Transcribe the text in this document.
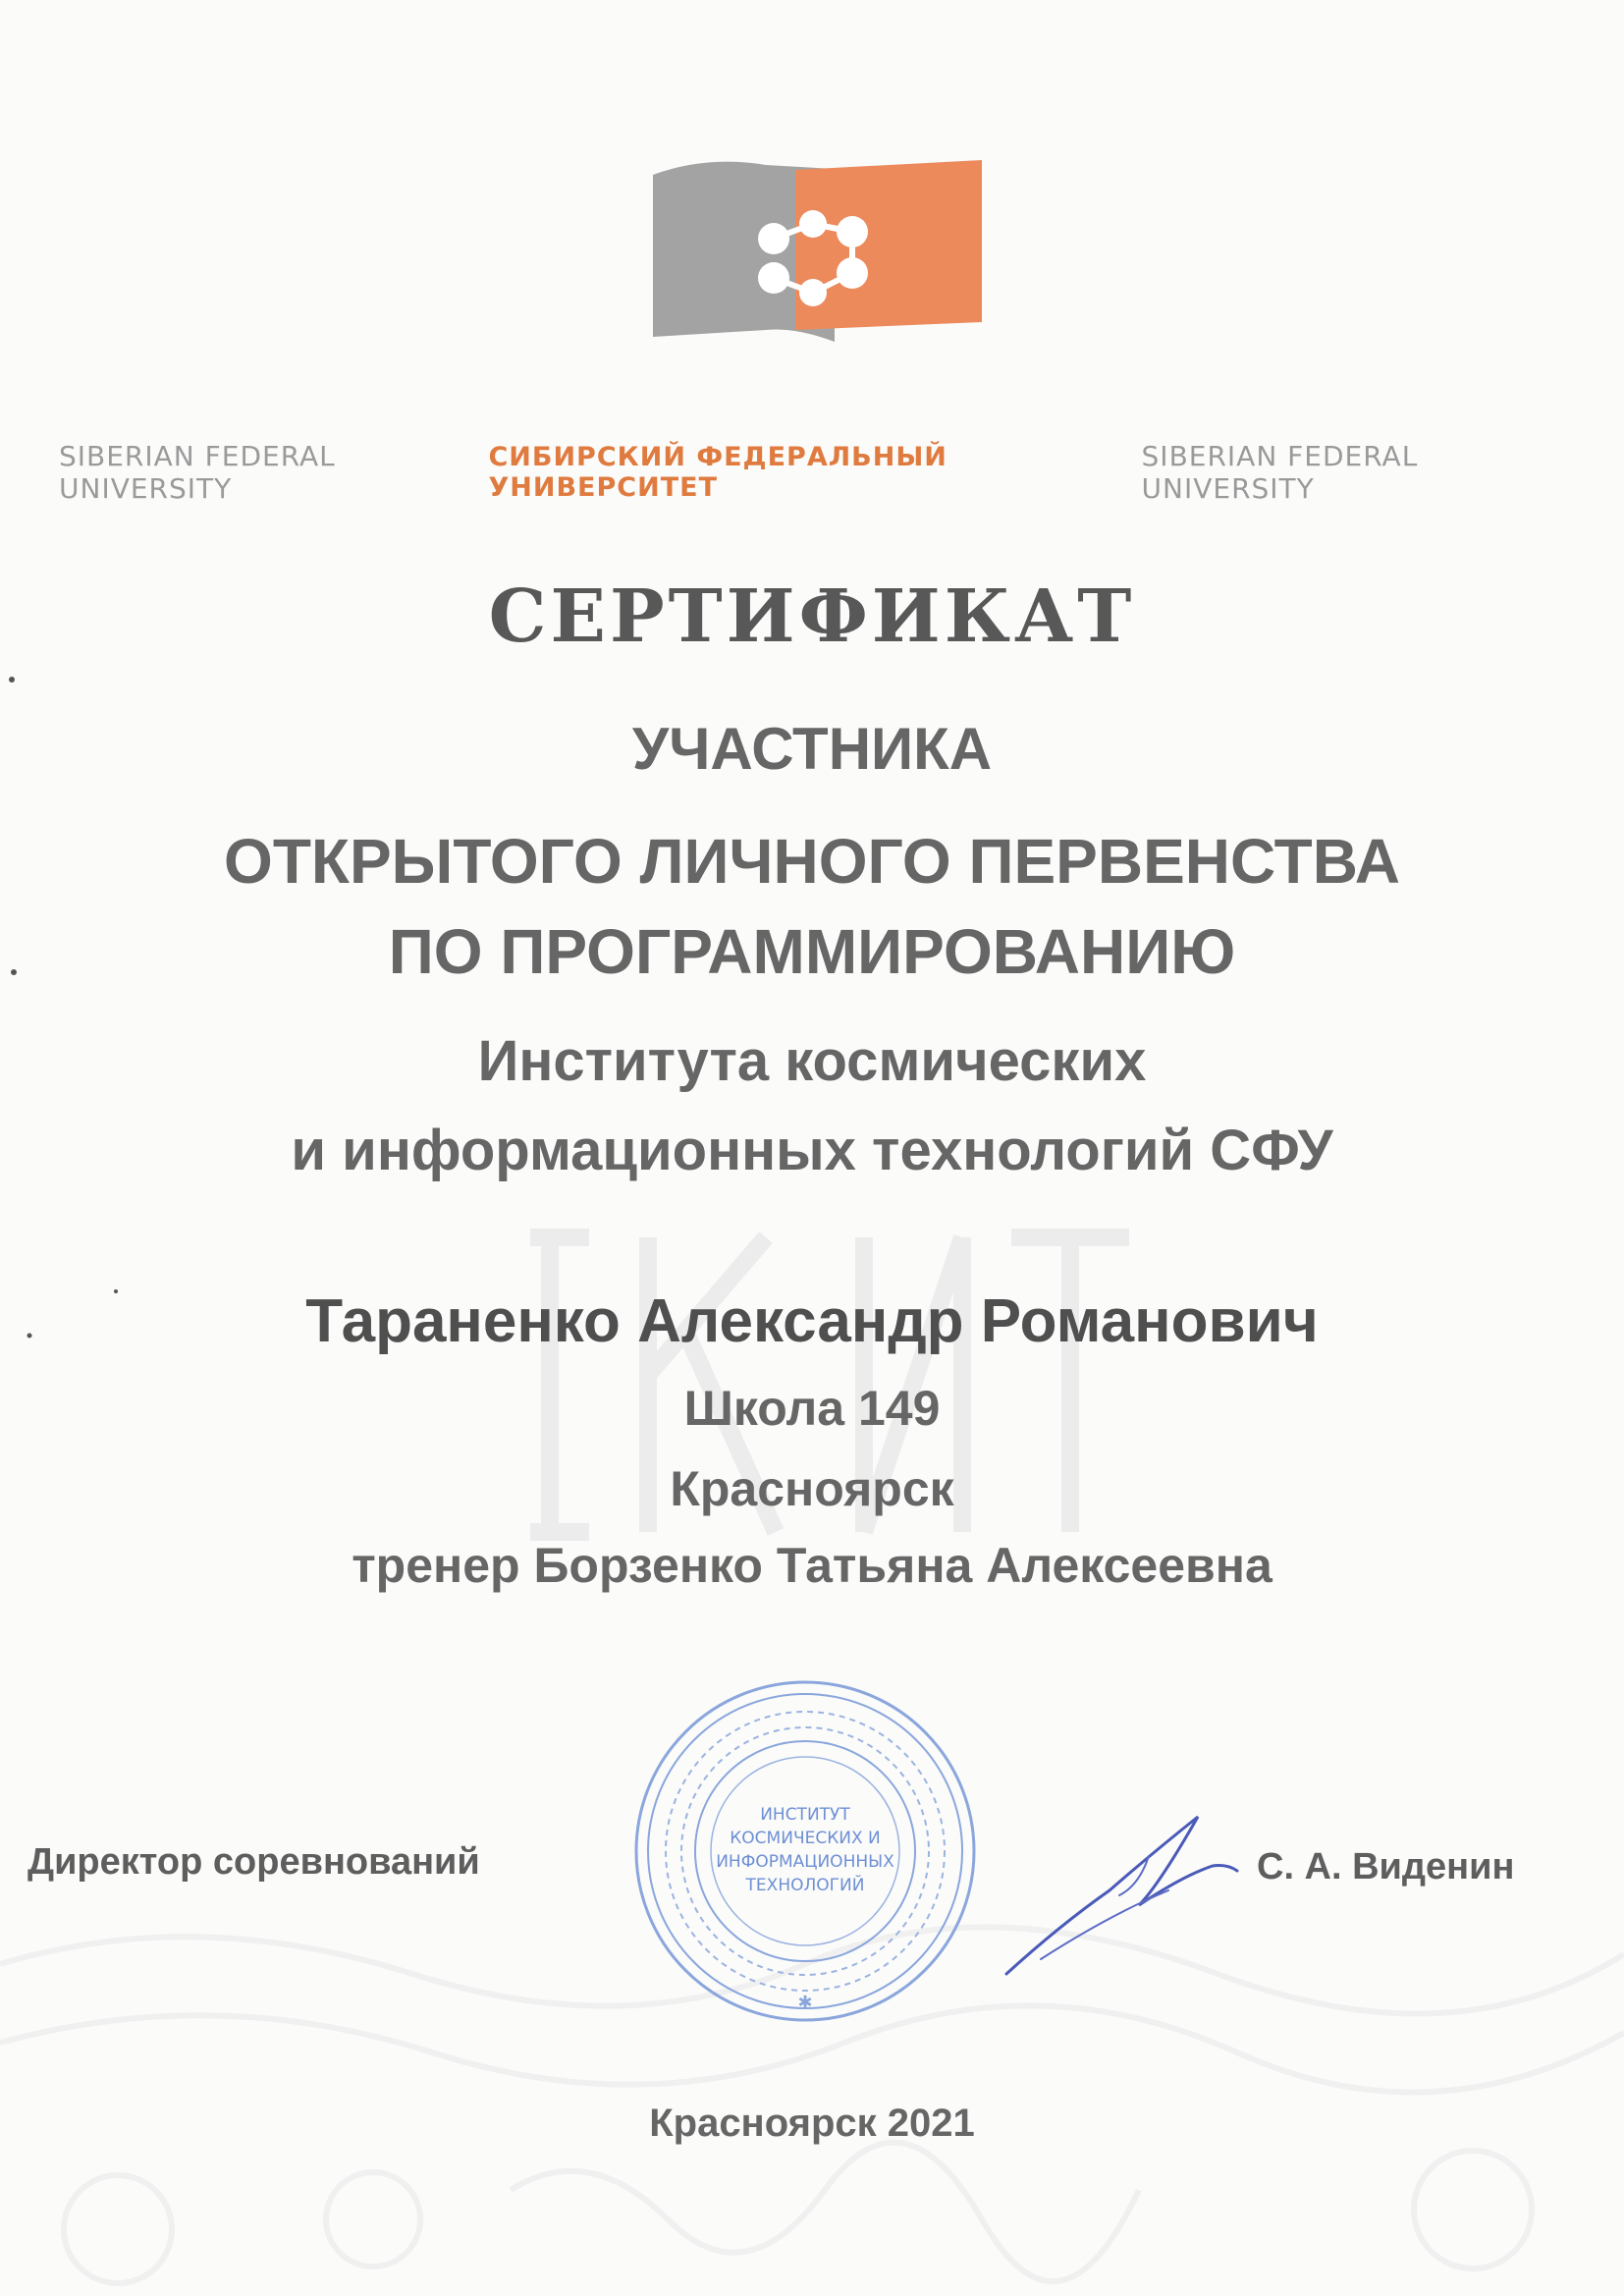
SIBERIAN FEDERAL UNIVERSITY
СИБИРСКИЙ ФЕДЕРАЛЬНЫЙ УНИВЕРСИТЕТ
SIBERIAN FEDERAL UNIVERSITY
СЕРТИФИКАТ
УЧАСТНИКА
ОТКРЫТОГО ЛИЧНОГО ПЕРВЕНСТВА
ПО ПРОГРАММИРОВАНИЮ
Института космических
и информационных технологий СФУ
Тараненко Александр Романович
Школа 149
Красноярск
тренер Борзенко Татьяна Алексеевна
Директор соревнований
✱
ИНСТИТУТ
КОСМИЧЕСКИХ И
ИНФОРМАЦИОННЫХ
ТЕХНОЛОГИЙ	С. А. Виденин
Красноярск 2021
